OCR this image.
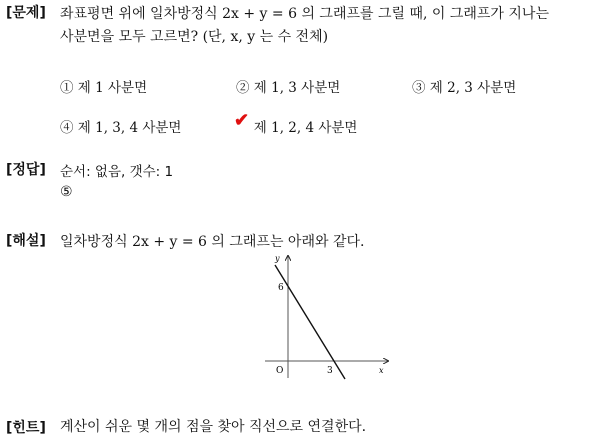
[문제] 좌표평면 위에 일차방정식 2x + y = 6 의 그래프를 그릴 때, 이 그래프가 지나는
사분면을 모두 고르면? (단, x, y 는 수 전체)
① 제 1 사분면	② 제 1, 3 사분면	③ 제 2, 3 사분면
④ 제 1, 3, 4 사분면	제 1, 2, 4 사분면
✔
[정답] 순서: 없음, 갯수: 1
⑤
[해설] 일차방정식 2x + y = 6 의 그래프는 아래와 같다.
y
x
O
6
3
[힌트] 계산이 쉬운 몇 개의 점을 찾아 직선으로 연결한다.
